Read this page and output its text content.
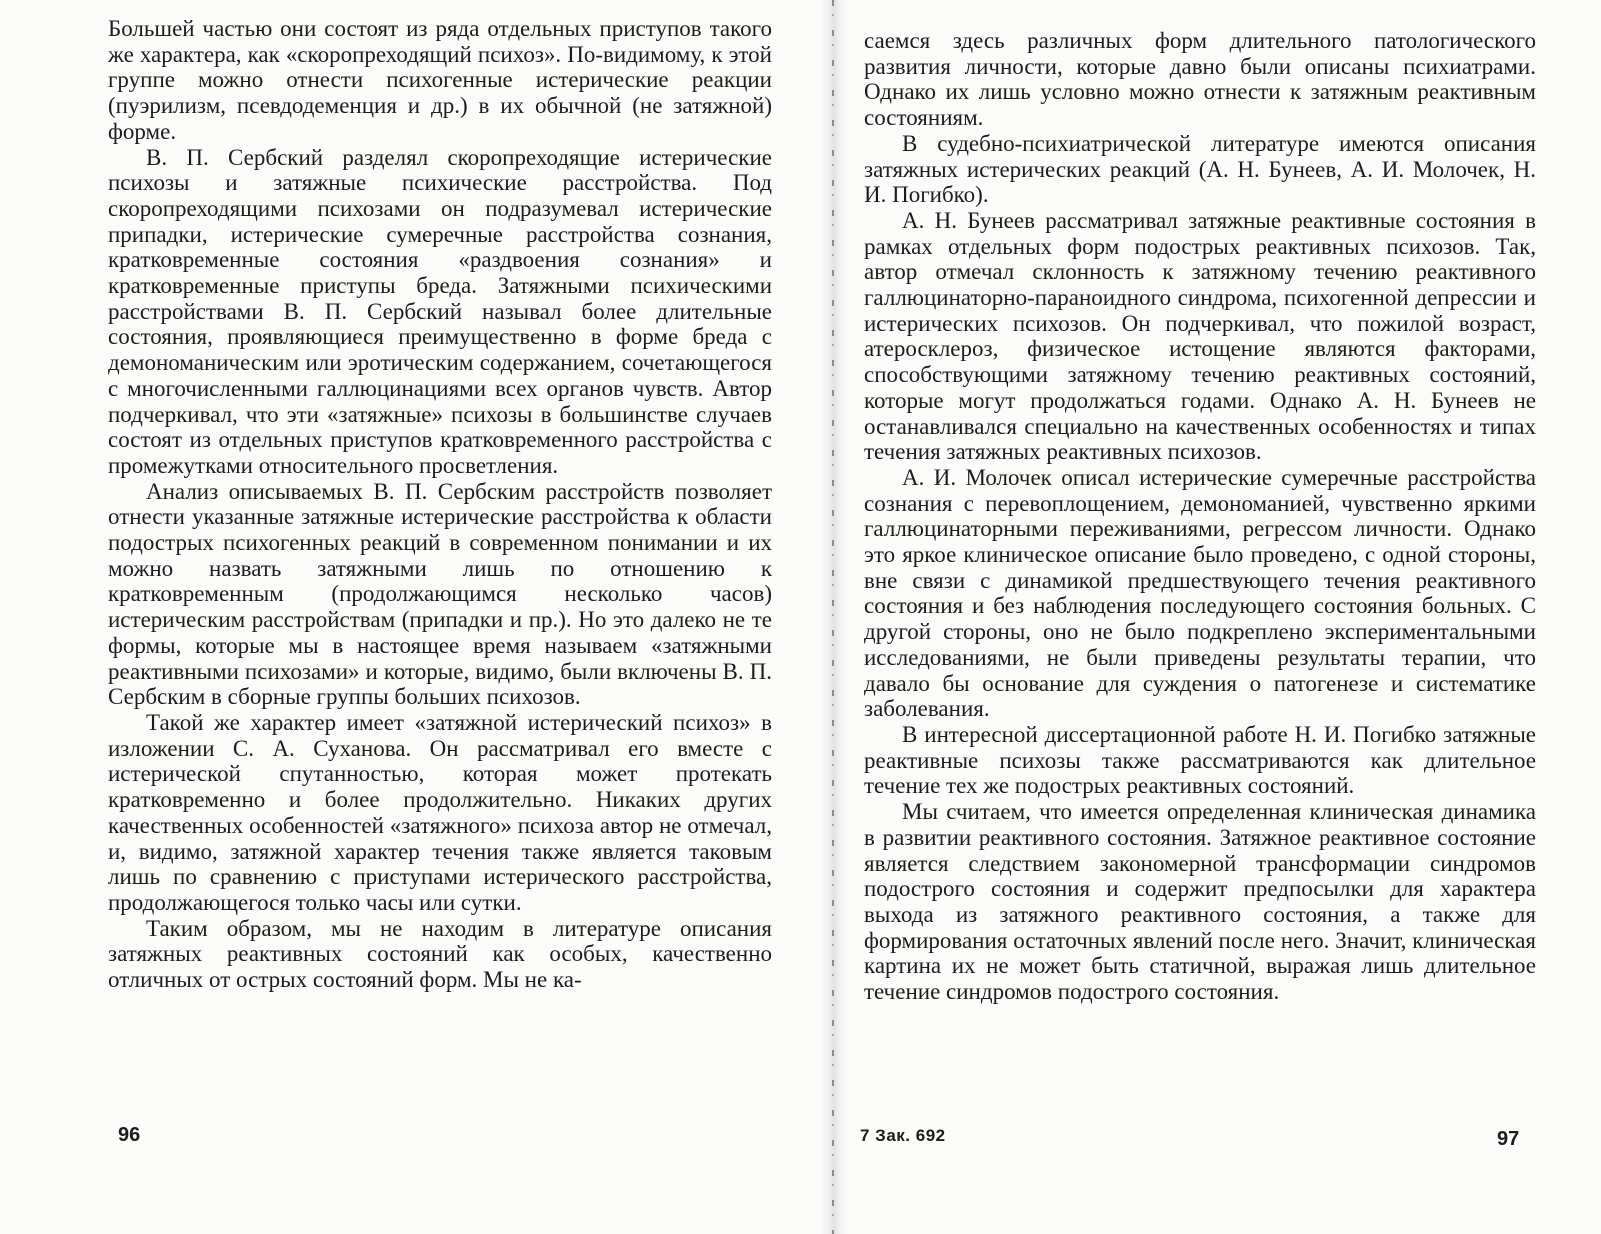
Большей частью они состоят из ряда отдельных приступов такого же характера, как «скоропреходящий психоз». По-видимому, к этой группе можно отнести психогенные истерические реакции (пуэрилизм, псевдодеменция и др.) в их обычной (не затяжной) форме.

В. П. Сербский разделял скоропреходящие истерические психозы и затяжные психические расстройства. Под скоропреходящими психозами он подразумевал истерические припадки, истерические сумеречные расстройства сознания, кратковременные состояния «раздвоения сознания» и кратковременные приступы бреда. Затяжными психическими расстройствами В. П. Сербский называл более длительные состояния, проявляющиеся преимущественно в форме бреда с демономаническим или эротическим содержанием, сочетающегося с многочисленными галлюцинациями всех органов чувств. Автор подчеркивал, что эти «затяжные» психозы в большинстве случаев состоят из отдельных приступов кратковременного расстройства с промежутками относительного просветления.

Анализ описываемых В. П. Сербским расстройств позволяет отнести указанные затяжные истерические расстройства к области подострых психогенных реакций в современном понимании и их можно назвать затяжными лишь по отношению к кратковременным (продолжающимся несколько часов) истерическим расстройствам (припадки и пр.). Но это далеко не те формы, которые мы в настоящее время называем «затяжными реактивными психозами» и которые, видимо, были включены В. П. Сербским в сборные группы больших психозов.

Такой же характер имеет «затяжной истерический психоз» в изложении С. А. Суханова. Он рассматривал его вместе с истерической спутанностью, которая может протекать кратковременно и более продолжительно. Никаких других качественных особенностей «затяжного» психоза автор не отмечал, и, видимо, затяжной характер течения также является таковым лишь по сравнению с приступами истерического расстройства, продолжающегося только часы или сутки.

Таким образом, мы не находим в литературе описания затяжных реактивных состояний как особых, качественно отличных от острых состояний форм. Мы не ка-

96

саемся здесь различных форм длительного патологического развития личности, которые давно были описаны психиатрами. Однако их лишь условно можно отнести к затяжным реактивным состояниям.

В судебно-психиатрической литературе имеются описания затяжных истерических реакций (А. Н. Бунеев, А. И. Молочек, Н. И. Погибко).

А. Н. Бунеев рассматривал затяжные реактивные состояния в рамках отдельных форм подострых реактивных психозов. Так, автор отмечал склонность к затяжному течению реактивного галлюцинаторно-параноидного синдрома, психогенной депрессии и истерических психозов. Он подчеркивал, что пожилой возраст, атеросклероз, физическое истощение являются факторами, способствующими затяжному течению реактивных состояний, которые могут продолжаться годами. Однако А. Н. Бунеев не останавливался специально на качественных особенностях и типах течения затяжных реактивных психозов.

А. И. Молочек описал истерические сумеречные расстройства сознания с перевоплощением, демономанией, чувственно яркими галлюцинаторными переживаниями, регрессом личности. Однако это яркое клиническое описание было проведено, с одной стороны, вне связи с динамикой предшествующего течения реактивного состояния и без наблюдения последующего состояния больных. С другой стороны, оно не было подкреплено экспериментальными исследованиями, не были приведены результаты терапии, что давало бы основание для суждения о патогенезе и систематике заболевания.

В интересной диссертационной работе Н. И. Погибко затяжные реактивные психозы также рассматриваются как длительное течение тех же подострых реактивных состояний.

Мы считаем, что имеется определенная клиническая динамика в развитии реактивного состояния. Затяжное реактивное состояние является следствием закономерной трансформации синдромов подострого состояния и содержит предпосылки для характера выхода из затяжного реактивного состояния, а также для формирования остаточных явлений после него. Значит, клиническая картина их не может быть статичной, выражая лишь длительное течение синдромов подострого состояния.

7 Зак. 692	97
